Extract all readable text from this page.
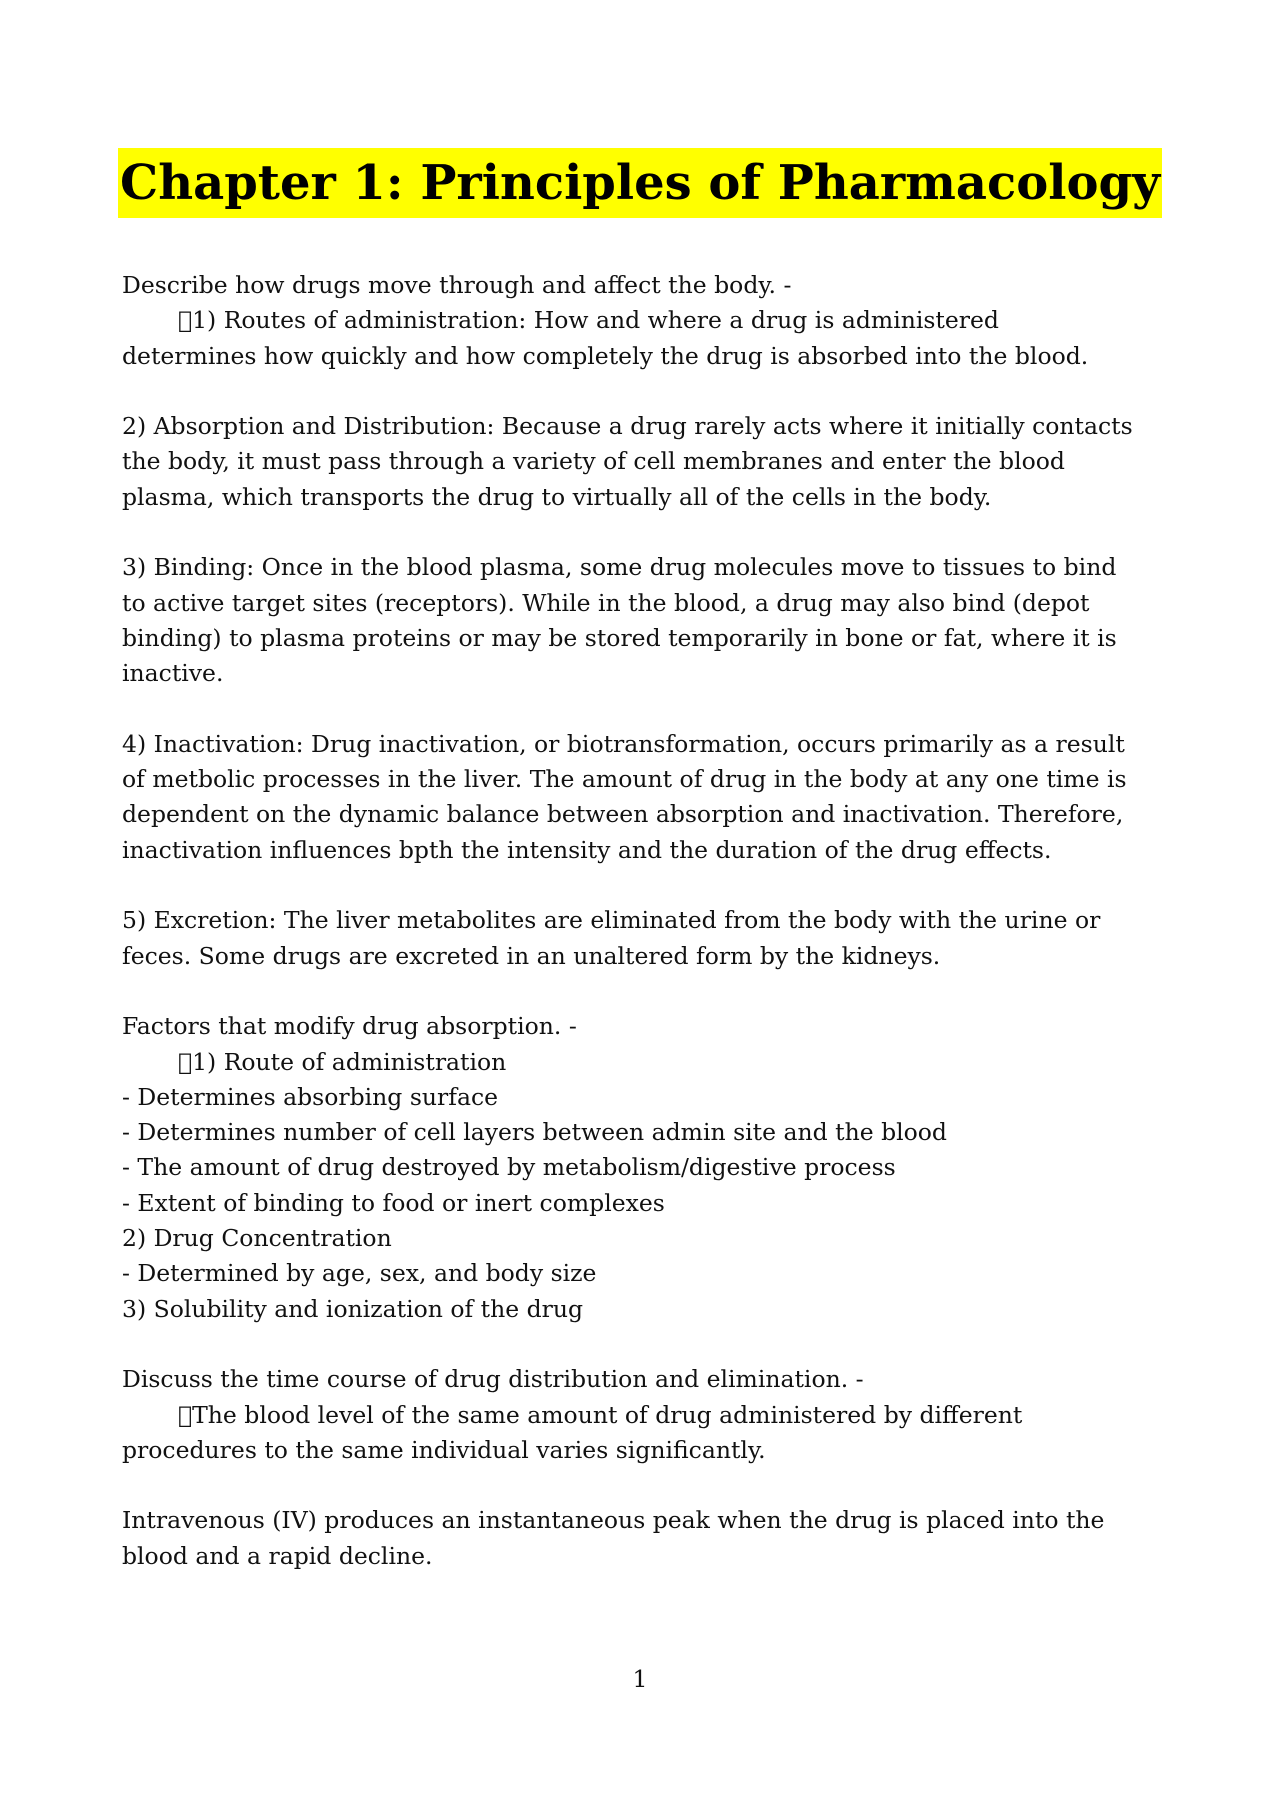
Chapter 1: Principles of Pharmacology
Describe how drugs move through and affect the body. -
 1) Routes of administration: How and where a drug is administered
determines how quickly and how completely the drug is absorbed into the blood.
2) Absorption and Distribution: Because a drug rarely acts where it initially contacts
the body, it must pass through a variety of cell membranes and enter the blood
plasma, which transports the drug to virtually all of the cells in the body.
3) Binding: Once in the blood plasma, some drug molecules move to tissues to bind
to active target sites (receptors). While in the blood, a drug may also bind (depot
binding) to plasma proteins or may be stored temporarily in bone or fat, where it is
inactive.
4) Inactivation: Drug inactivation, or biotransformation, occurs primarily as a result
of metbolic processes in the liver. The amount of drug in the body at any one time is
dependent on the dynamic balance between absorption and inactivation. Therefore,
inactivation influences bpth the intensity and the duration of the drug effects.
5) Excretion: The liver metabolites are eliminated from the body with the urine or
feces. Some drugs are excreted in an unaltered form by the kidneys.
Factors that modify drug absorption. -
 1) Route of administration
- Determines absorbing surface
- Determines number of cell layers between admin site and the blood
- The amount of drug destroyed by metabolism/digestive process
- Extent of binding to food or inert complexes
2) Drug Concentration
- Determined by age, sex, and body size
3) Solubility and ionization of the drug
Discuss the time course of drug distribution and elimination. -
 The blood level of the same amount of drug administered by different
procedures to the same individual varies significantly.
Intravenous (IV) produces an instantaneous peak when the drug is placed into the
blood and a rapid decline.
1
